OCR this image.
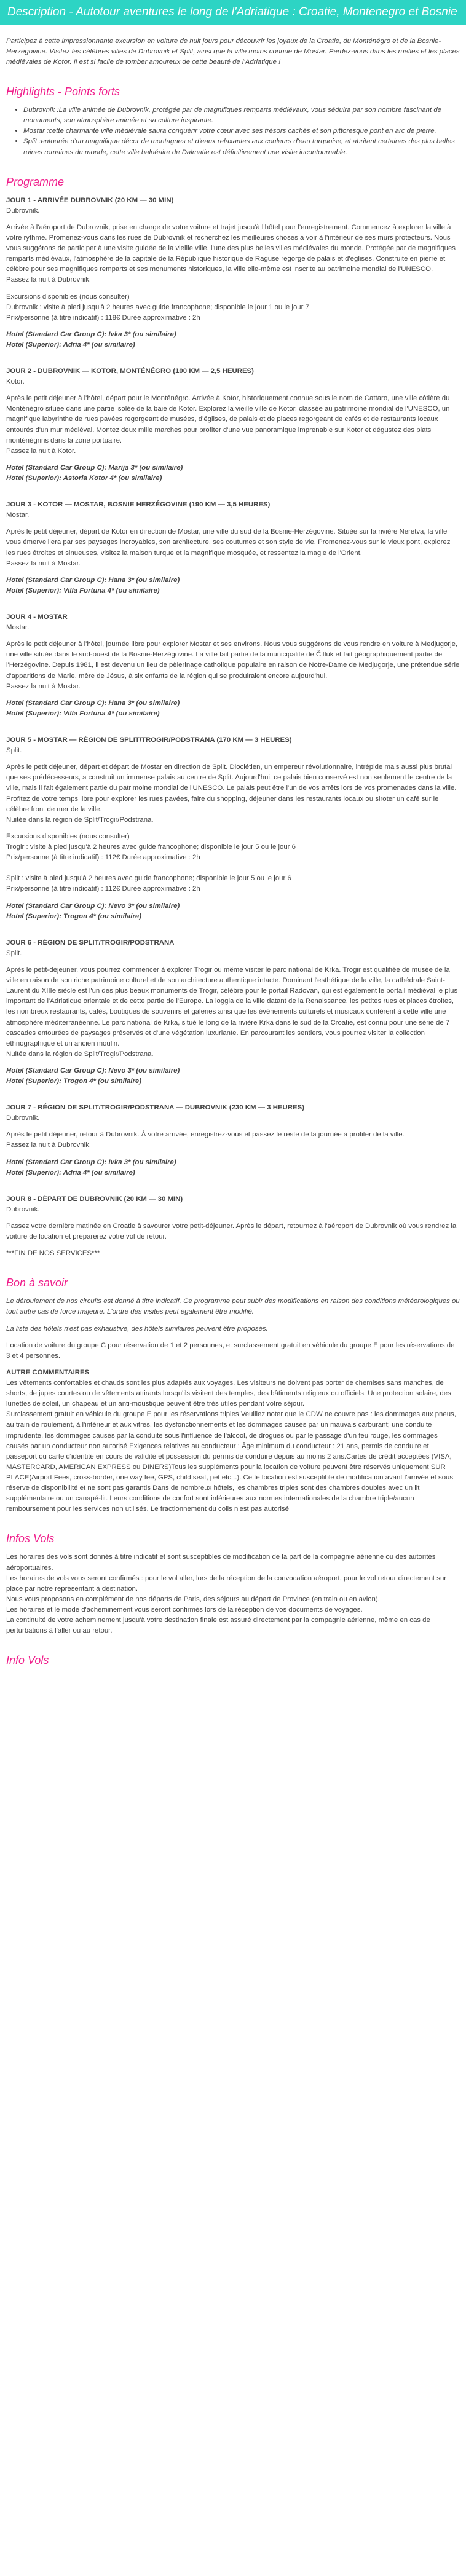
Description - Autotour aventures le long de l'Adriatique : Croatie, Montenegro et Bosnie
Participez à cette impressionnante excursion en voiture de huit jours pour découvrir les joyaux de la Croatie, du Monténégro et de la Bosnie-Herzégovine. Visitez les célèbres villes de Dubrovnik et Split, ainsi que la ville moins connue de Mostar. Perdez-vous dans les ruelles et les places médiévales de Kotor. Il est si facile de tomber amoureux de cette beauté de l'Adriatique !
Highlights - Points forts
• Dubrovnik :La ville animée de Dubrovnik, protégée par de magnifiques remparts médiévaux, vous séduira par son nombre fascinant de monuments, son atmosphère animée et sa culture inspirante.
• Mostar :cette charmante ville médiévale saura conquérir votre cœur avec ses trésors cachés et son pittoresque pont en arc de pierre.
• Split :entourée d'un magnifique décor de montagnes et d'eaux relaxantes aux couleurs d'eau turquoise, et abritant certaines des plus belles ruines romaines du monde, cette ville balnéaire de Dalmatie est définitivement une visite incontournable.
Programme
JOUR 1 - ARRIVÉE DUBROVNIK (20 KM — 30 MIN)
Dubrovnik.
Arrivée à l'aéroport de Dubrovnik, prise en charge de votre voiture et trajet jusqu'à l'hôtel pour l'enregistrement. Commencez à explorer la ville à votre rythme. Promenez-vous dans les rues de Dubrovnik et recherchez les meilleures choses à voir à l'intérieur de ses murs protecteurs. Nous vous suggérons de participer à une visite guidée de la vieille ville, l'une des plus belles villes médiévales du monde. Protégée par de magnifiques remparts médiévaux, l'atmosphère de la capitale de la République historique de Raguse regorge de palais et d'églises. Construite en pierre et célèbre pour ses magnifiques remparts et ses monuments historiques, la ville elle-même est inscrite au patrimoine mondial de l'UNESCO.
Passez la nuit à Dubrovnik.
Excursions disponibles (nous consulter)
Dubrovnik : visite à pied jusqu'à 2 heures avec guide francophone; disponible le jour 1 ou le jour 7
Prix/personne (à titre indicatif) : 118€ Durée approximative : 2h
Hotel (Standard Car Group C): Ivka 3* (ou similaire)
Hotel (Superior): Adria 4* (ou similaire)
JOUR 2 - DUBROVNIK — KOTOR, MONTÉNÉGRO (100 KM — 2,5 HEURES)
Kotor.
Après le petit déjeuner à l'hôtel, départ pour le Monténégro. Arrivée à Kotor, historiquement connue sous le nom de Cattaro, une ville côtière du Monténégro située dans une partie isolée de la baie de Kotor. Explorez la vieille ville de Kotor, classée au patrimoine mondial de l'UNESCO, un magnifique labyrinthe de rues pavées regorgeant de musées, d'églises, de palais et de places regorgeant de cafés et de restaurants locaux entourés d'un mur médiéval. Montez deux mille marches pour profiter d'une vue panoramique imprenable sur Kotor et dégustez des plats monténégrins dans la zone portuaire.
Passez la nuit à Kotor.
Hotel (Standard Car Group C): Marija 3* (ou similaire)
Hotel (Superior): Astoria Kotor 4* (ou similaire)
JOUR 3 - KOTOR — MOSTAR, BOSNIE HERZÉGOVINE (190 KM — 3,5 HEURES)
Mostar.
Après le petit déjeuner, départ de Kotor en direction de Mostar, une ville du sud de la Bosnie-Herzégovine. Située sur la rivière Neretva, la ville vous émerveillera par ses paysages incroyables, son architecture, ses coutumes et son style de vie. Promenez-vous sur le vieux pont, explorez les rues étroites et sinueuses, visitez la maison turque et la magnifique mosquée, et ressentez la magie de l'Orient.
Passez la nuit à Mostar.
Hotel (Standard Car Group C): Hana 3* (ou similaire)
Hotel (Superior): Villa Fortuna 4* (ou similaire)
JOUR 4 - MOSTAR
Mostar.
Après le petit déjeuner à l'hôtel, journée libre pour explorer Mostar et ses environs. Nous vous suggérons de vous rendre en voiture à Medjugorje, une ville située dans le sud-ouest de la Bosnie-Herzégovine. La ville fait partie de la municipalité de Čitluk et fait géographiquement partie de l'Herzégovine. Depuis 1981, il est devenu un lieu de pèlerinage catholique populaire en raison de Notre-Dame de Medjugorje, une prétendue série d'apparitions de Marie, mère de Jésus, à six enfants de la région qui se produiraient encore aujourd'hui.
Passez la nuit à Mostar.
Hotel (Standard Car Group C): Hana 3* (ou similaire)
Hotel (Superior): Villa Fortuna 4* (ou similaire)
JOUR 5 - MOSTAR — RÉGION DE SPLIT/TROGIR/PODSTRANA (170 KM — 3 HEURES)
Split.
Après le petit déjeuner, départ et départ de Mostar en direction de Split. Dioclétien, un empereur révolutionnaire, intrépide mais aussi plus brutal que ses prédécesseurs, a construit un immense palais au centre de Split. Aujourd'hui, ce palais bien conservé est non seulement le centre de la ville, mais il fait également partie du patrimoine mondial de l'UNESCO. Le palais peut être l'un de vos arrêts lors de vos promenades dans la ville. Profitez de votre temps libre pour explorer les rues pavées, faire du shopping, déjeuner dans les restaurants locaux ou siroter un café sur le célèbre front de mer de la ville.
Nuitée dans la région de Split/Trogir/Podstrana.
Excursions disponibles (nous consulter)
Trogir : visite à pied jusqu'à 2 heures avec guide francophone; disponible le jour 5 ou le jour 6
Prix/personne (à titre indicatif) : 112€ Durée approximative : 2h
Split : visite à pied jusqu'à 2 heures avec guide francophone; disponible le jour 5 ou le jour 6
Prix/personne (à titre indicatif) : 112€ Durée approximative : 2h
Hotel (Standard Car Group C): Nevo 3* (ou similaire)
Hotel (Superior): Trogon 4* (ou similaire)
JOUR 6 - RÉGION DE SPLIT/TROGIR/PODSTRANA
Split.
Après le petit-déjeuner, vous pourrez commencer à explorer Trogir ou même visiter le parc national de Krka. Trogir est qualifiée de musée de la ville en raison de son riche patrimoine culturel et de son architecture authentique intacte. Dominant l'esthétique de la ville, la cathédrale Saint-Laurent du XIIIe siècle est l'un des plus beaux monuments de Trogir, célèbre pour le portail Radovan, qui est également le portail médiéval le plus important de l'Adriatique orientale et de cette partie de l'Europe. La loggia de la ville datant de la Renaissance, les petites rues et places étroites, les nombreux restaurants, cafés, boutiques de souvenirs et galeries ainsi que les événements culturels et musicaux confèrent à cette ville une atmosphère méditerranéenne. Le parc national de Krka, situé le long de la rivière Krka dans le sud de la Croatie, est connu pour une série de 7 cascades entourées de paysages préservés et d'une végétation luxuriante. En parcourant les sentiers, vous pourrez visiter la collection ethnographique et un ancien moulin.
Nuitée dans la région de Split/Trogir/Podstrana.
Hotel (Standard Car Group C): Nevo 3* (ou similaire)
Hotel (Superior): Trogon 4* (ou similaire)
JOUR 7 - RÉGION DE SPLIT/TROGIR/PODSTRANA — DUBROVNIK (230 KM — 3 HEURES)
Dubrovnik.
Après le petit déjeuner, retour à Dubrovnik. À votre arrivée, enregistrez-vous et passez le reste de la journée à profiter de la ville.
Passez la nuit à Dubrovnik.
Hotel (Standard Car Group C): Ivka 3* (ou similaire)
Hotel (Superior): Adria 4* (ou similaire)
JOUR 8 - DÉPART DE DUBROVNIK (20 KM — 30 MIN)
Dubrovnik.
Passez votre dernière matinée en Croatie à savourer votre petit-déjeuner. Après le départ, retournez à l'aéroport de Dubrovnik où vous rendrez la voiture de location et préparerez votre vol de retour.
***FIN DE NOS SERVICES***
Bon à savoir
Le déroulement de nos circuits est donné à titre indicatif. Ce programme peut subir des modifications en raison des conditions météorologiques ou tout autre cas de force majeure. L'ordre des visites peut également être modifié.
La liste des hôtels n'est pas exhaustive, des hôtels similaires peuvent être proposés.
Location de voiture du groupe C pour réservation de 1 et 2 personnes, et surclassement gratuit en véhicule du groupe E pour les réservations de 3 et 4 personnes.
AUTRE COMMENTAIRES
Les vêtements confortables et chauds sont les plus adaptés aux voyages. Les visiteurs ne doivent pas porter de chemises sans manches, de shorts, de jupes courtes ou de vêtements attirants lorsqu'ils visitent des temples, des bâtiments religieux ou officiels. Une protection solaire, des lunettes de soleil, un chapeau et un anti-moustique peuvent être très utiles pendant votre séjour.
Surclassement gratuit en véhicule du groupe E pour les réservations triples Veuillez noter que le CDW ne couvre pas : les dommages aux pneus, au train de roulement, à l'intérieur et aux vitres, les dysfonctionnements et les dommages causés par un mauvais carburant; une conduite imprudente, les dommages causés par la conduite sous l'influence de l'alcool, de drogues ou par le passage d'un feu rouge, les dommages causés par un conducteur non autorisé Exigences relatives au conducteur : Âge minimum du conducteur : 21 ans, permis de conduire et passeport ou carte d'identité en cours de validité et possession du permis de conduire depuis au moins 2 ans.Cartes de crédit acceptées (VISA, MASTERCARD, AMERICAN EXPRESS ou DINERS)Tous les suppléments pour la location de voiture peuvent être réservés uniquement SUR PLACE(Airport Fees, cross-border, one way fee, GPS, child seat, pet etc...). Cette location est susceptible de modification avant l'arrivée et sous réserve de disponibilité et ne sont pas garantis Dans de nombreux hôtels, les chambres triples sont des chambres doubles avec un lit supplémentaire ou un canapé-lit. Leurs conditions de confort sont inférieures aux normes internationales de la chambre triple/aucun remboursement pour les services non utilisés. Le fractionnement du colis n'est pas autorisé
Infos Vols
Les horaires des vols sont donnés à titre indicatif et sont susceptibles de modification de la part de la compagnie aérienne ou des autorités aéroportuaires.
Les horaires de vols vous seront confirmés : pour le vol aller, lors de la réception de la convocation aéroport, pour le vol retour directement sur place par notre représentant à destination.
Nous vous proposons en complément de nos départs de Paris, des séjours au départ de Province (en train ou en avion).
Les horaires et le mode d'acheminement vous seront confirmés lors de la réception de vos documents de voyages.
La continuité de votre acheminement jusqu'à votre destination finale est assuré directement par la compagnie aérienne, même en cas de perturbations à l'aller ou au retour.
Info Vols
